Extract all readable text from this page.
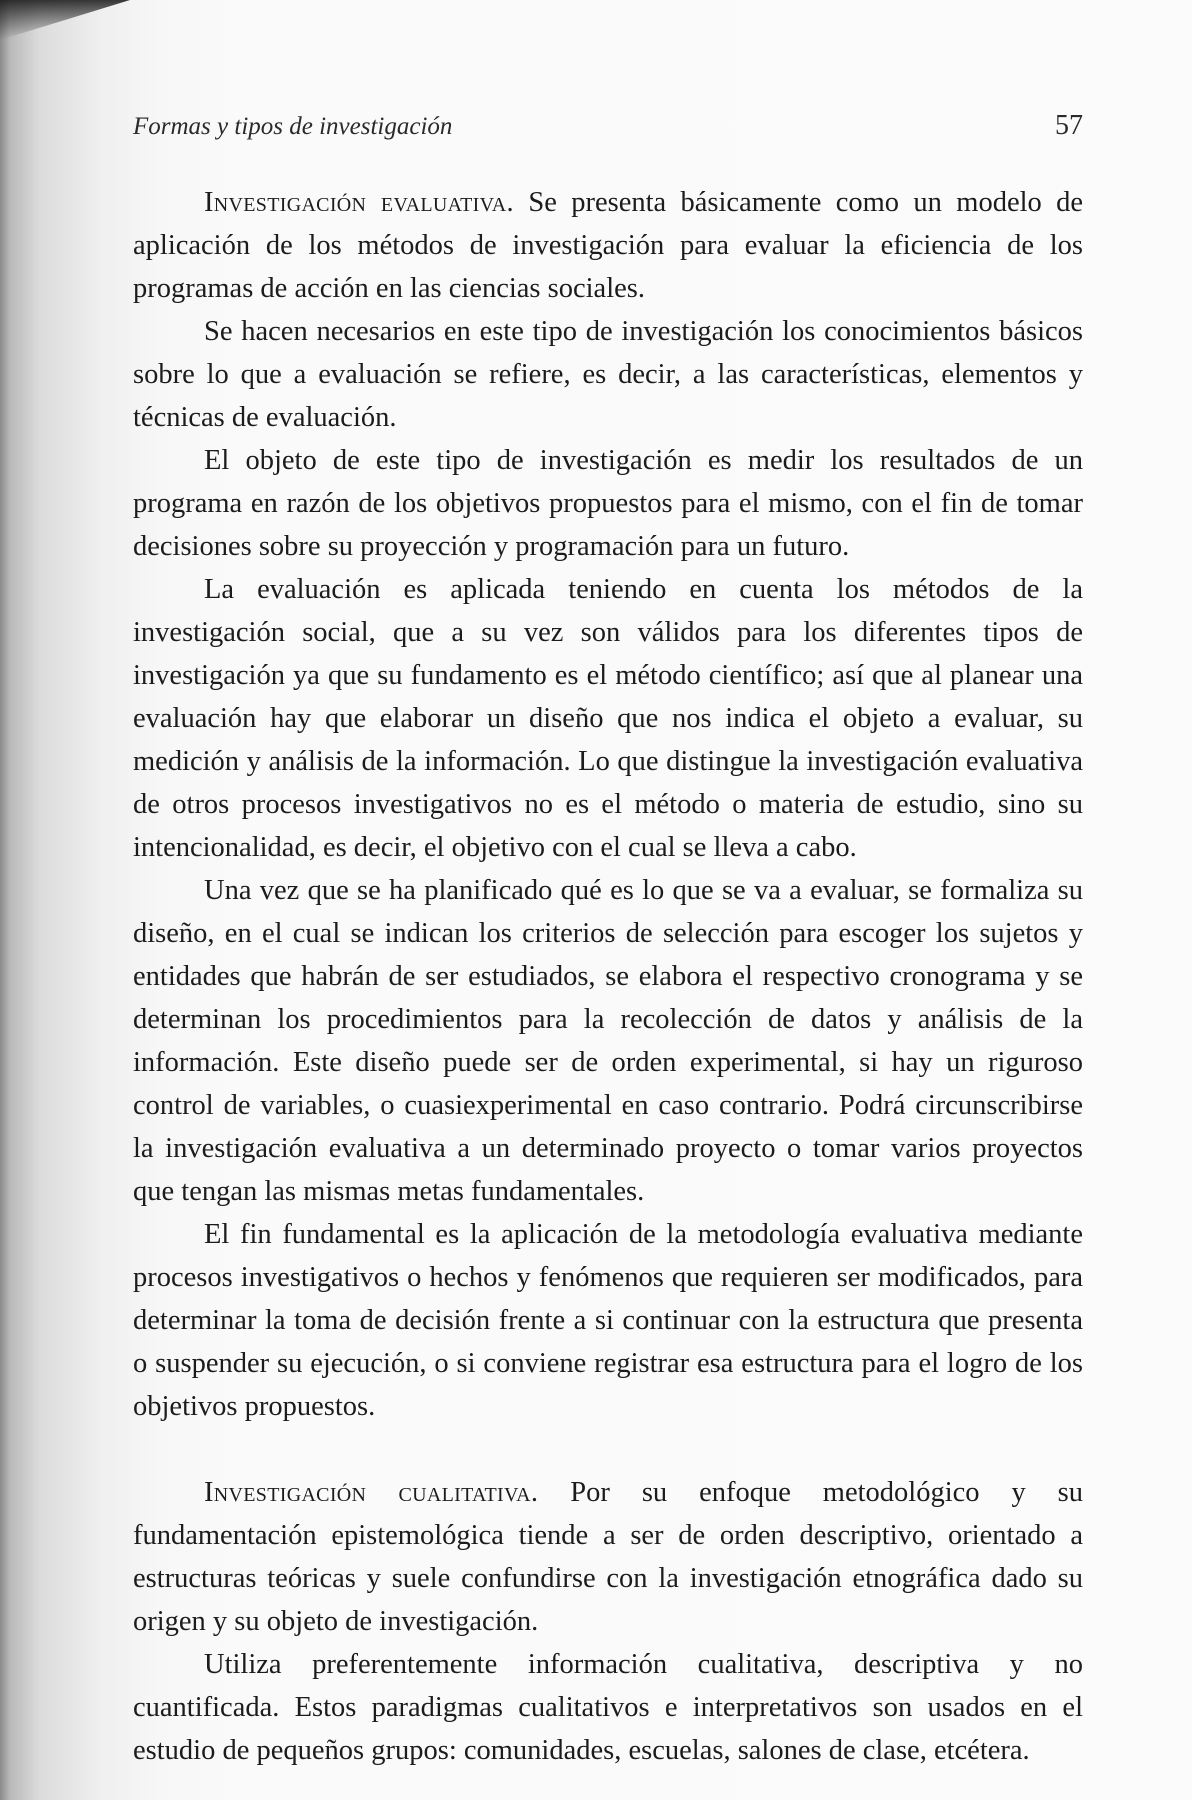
Formas y tipos de investigación	57

Investigación evaluativa. Se presenta básicamente como un modelo de aplicación de los métodos de investigación para evaluar la eficiencia de los programas de acción en las ciencias sociales.

Se hacen necesarios en este tipo de investigación los conocimientos básicos sobre lo que a evaluación se refiere, es decir, a las características, elementos y técnicas de evaluación.

El objeto de este tipo de investigación es medir los resultados de un programa en razón de los objetivos propuestos para el mismo, con el fin de tomar decisiones sobre su proyección y programación para un futuro.

La evaluación es aplicada teniendo en cuenta los métodos de la investigación social, que a su vez son válidos para los diferentes tipos de investigación ya que su fundamento es el método científico; así que al planear una evaluación hay que elaborar un diseño que nos indica el objeto a evaluar, su medición y análisis de la información. Lo que distingue la investigación evaluativa de otros procesos investigativos no es el método o materia de estudio, sino su intencionalidad, es decir, el objetivo con el cual se lleva a cabo.

Una vez que se ha planificado qué es lo que se va a evaluar, se formaliza su diseño, en el cual se indican los criterios de selección para escoger los sujetos y entidades que habrán de ser estudiados, se elabora el respectivo cronograma y se determinan los procedimientos para la recolección de datos y análisis de la información. Este diseño puede ser de orden experimental, si hay un riguroso control de variables, o cuasiexperimental en caso contrario. Podrá circunscribirse la investigación evaluativa a un determinado proyecto o tomar varios proyectos que tengan las mismas metas fundamentales.

El fin fundamental es la aplicación de la metodología evaluativa mediante procesos investigativos o hechos y fenómenos que requieren ser modificados, para determinar la toma de decisión frente a si continuar con la estructura que presenta o suspender su ejecución, o si conviene registrar esa estructura para el logro de los objetivos propuestos.

Investigación cualitativa. Por su enfoque metodológico y su fundamentación epistemológica tiende a ser de orden descriptivo, orientado a estructuras teóricas y suele confundirse con la investigación etnográfica dado su origen y su objeto de investigación.

Utiliza preferentemente información cualitativa, descriptiva y no cuantificada. Estos paradigmas cualitativos e interpretativos son usados en el estudio de pequeños grupos: comunidades, escuelas, salones de clase, etcétera.
